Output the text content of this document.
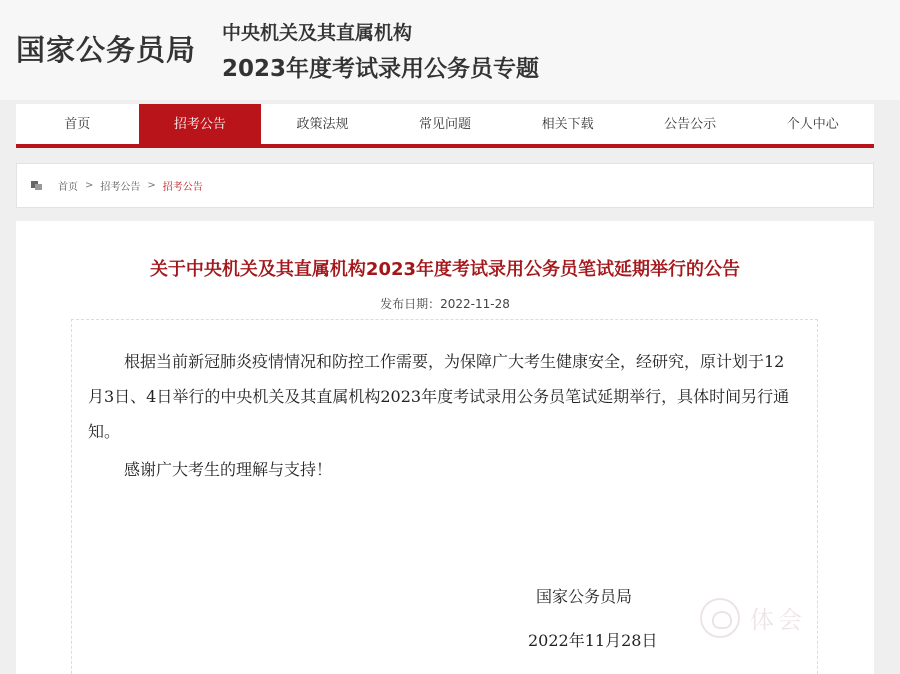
国家公务员局 中央机关及其直属机构
2023年度考试录用公务员专题
首页	招考公告	政策法规	常见问题	相关下载	公告公示	个人中心
首页 > 招考公告 > 招考公告
关于中央机关及其直属机构2023年度考试录用公务员笔试延期举行的公告
发布日期：2022-11-28

根据当前新冠肺炎疫情情况和防控工作需要，为保障广大考生健康安全，经研究，原计划于12月3日、4日举行的中央机关及其直属机构2023年度考试录用公务员笔试延期举行，具体时间另行通知。

感谢广大考生的理解与支持！

国家公务员局
2022年11月28日
体会
